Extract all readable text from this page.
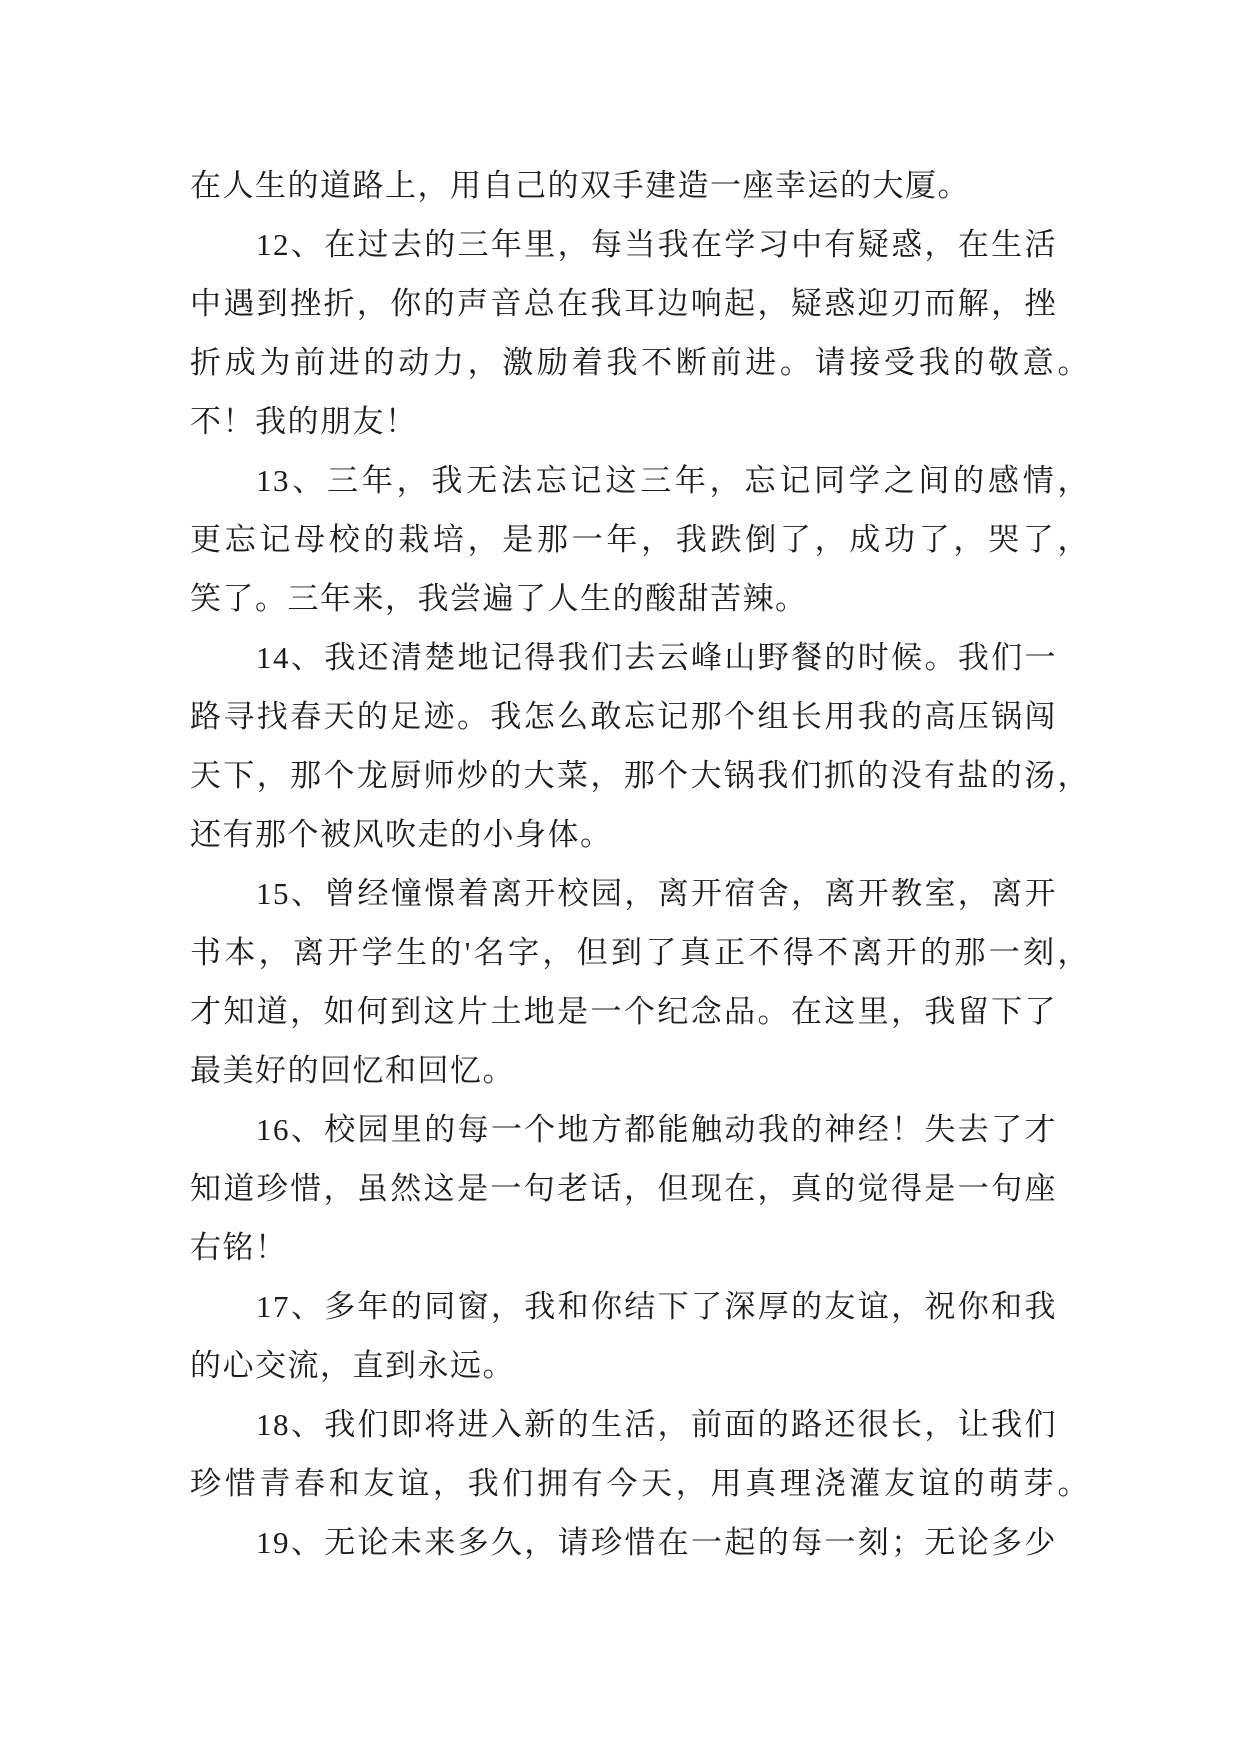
在人生的道路上，用自己的双手建造一座幸运的大厦。
12、在过去的三年里，每当我在学习中有疑惑，在生活
中遇到挫折，你的声音总在我耳边响起，疑惑迎刃而解，挫
折成为前进的动力，激励着我不断前进。请接受我的敬意。
不！我的朋友！
13、三年，我无法忘记这三年，忘记同学之间的感情，
更忘记母校的栽培，是那一年，我跌倒了，成功了，哭了，
笑了。三年来，我尝遍了人生的酸甜苦辣。
14、我还清楚地记得我们去云峰山野餐的时候。我们一
路寻找春天的足迹。我怎么敢忘记那个组长用我的高压锅闯
天下，那个龙厨师炒的大菜，那个大锅我们抓的没有盐的汤，
还有那个被风吹走的小身体。
15、曾经憧憬着离开校园，离开宿舍，离开教室，离开
书本，离开学生的'名字，但到了真正不得不离开的那一刻，
才知道，如何到这片土地是一个纪念品。在这里，我留下了
最美好的回忆和回忆。
16、校园里的每一个地方都能触动我的神经！失去了才
知道珍惜，虽然这是一句老话，但现在，真的觉得是一句座
右铭！
17、多年的同窗，我和你结下了深厚的友谊，祝你和我
的心交流，直到永远。
18、我们即将进入新的生活，前面的路还很长，让我们
珍惜青春和友谊，我们拥有今天，用真理浇灌友谊的萌芽。
19、无论未来多久，请珍惜在一起的每一刻；无论多少
